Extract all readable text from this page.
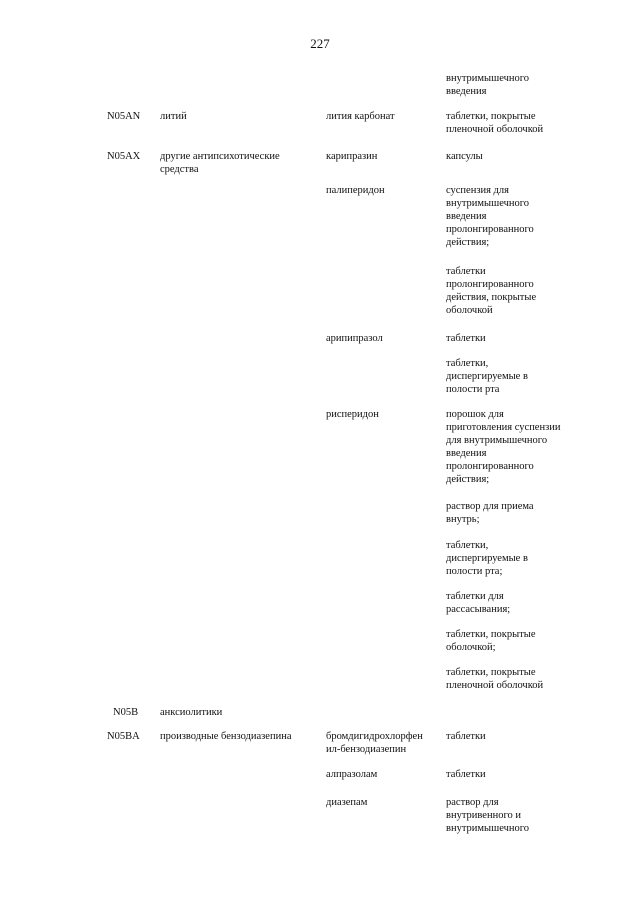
227
внутримышечного
введения
N05AN литий	лития карбонат	таблетки, покрытые
пленочной оболочкой
N05AX другие антипсихотические
средства
карипразин	капсулы
палиперидон	суспензия для
внутримышечного
введения
пролонгированного
действия;
таблетки
пролонгированного
действия, покрытые
оболочкой
арипипразол	таблетки
таблетки,
диспергируемые в
полости рта
рисперидон	порошок для
приготовления суспензии
для внутримышечного
введения
пролонгированного
действия;
раствор для приема
внутрь;
таблетки,
диспергируемые в
полости рта;
таблетки для
рассасывания;
таблетки, покрытые
оболочкой;
таблетки, покрытые
пленочной оболочкой
N05B анксиолитики
N05BA производные бензодиазепина	бромдигидрохлорфен
ил-бензодиазепин
таблетки
алпразолам	таблетки
диазепам	раствор для
внутривенного и
внутримышечного
